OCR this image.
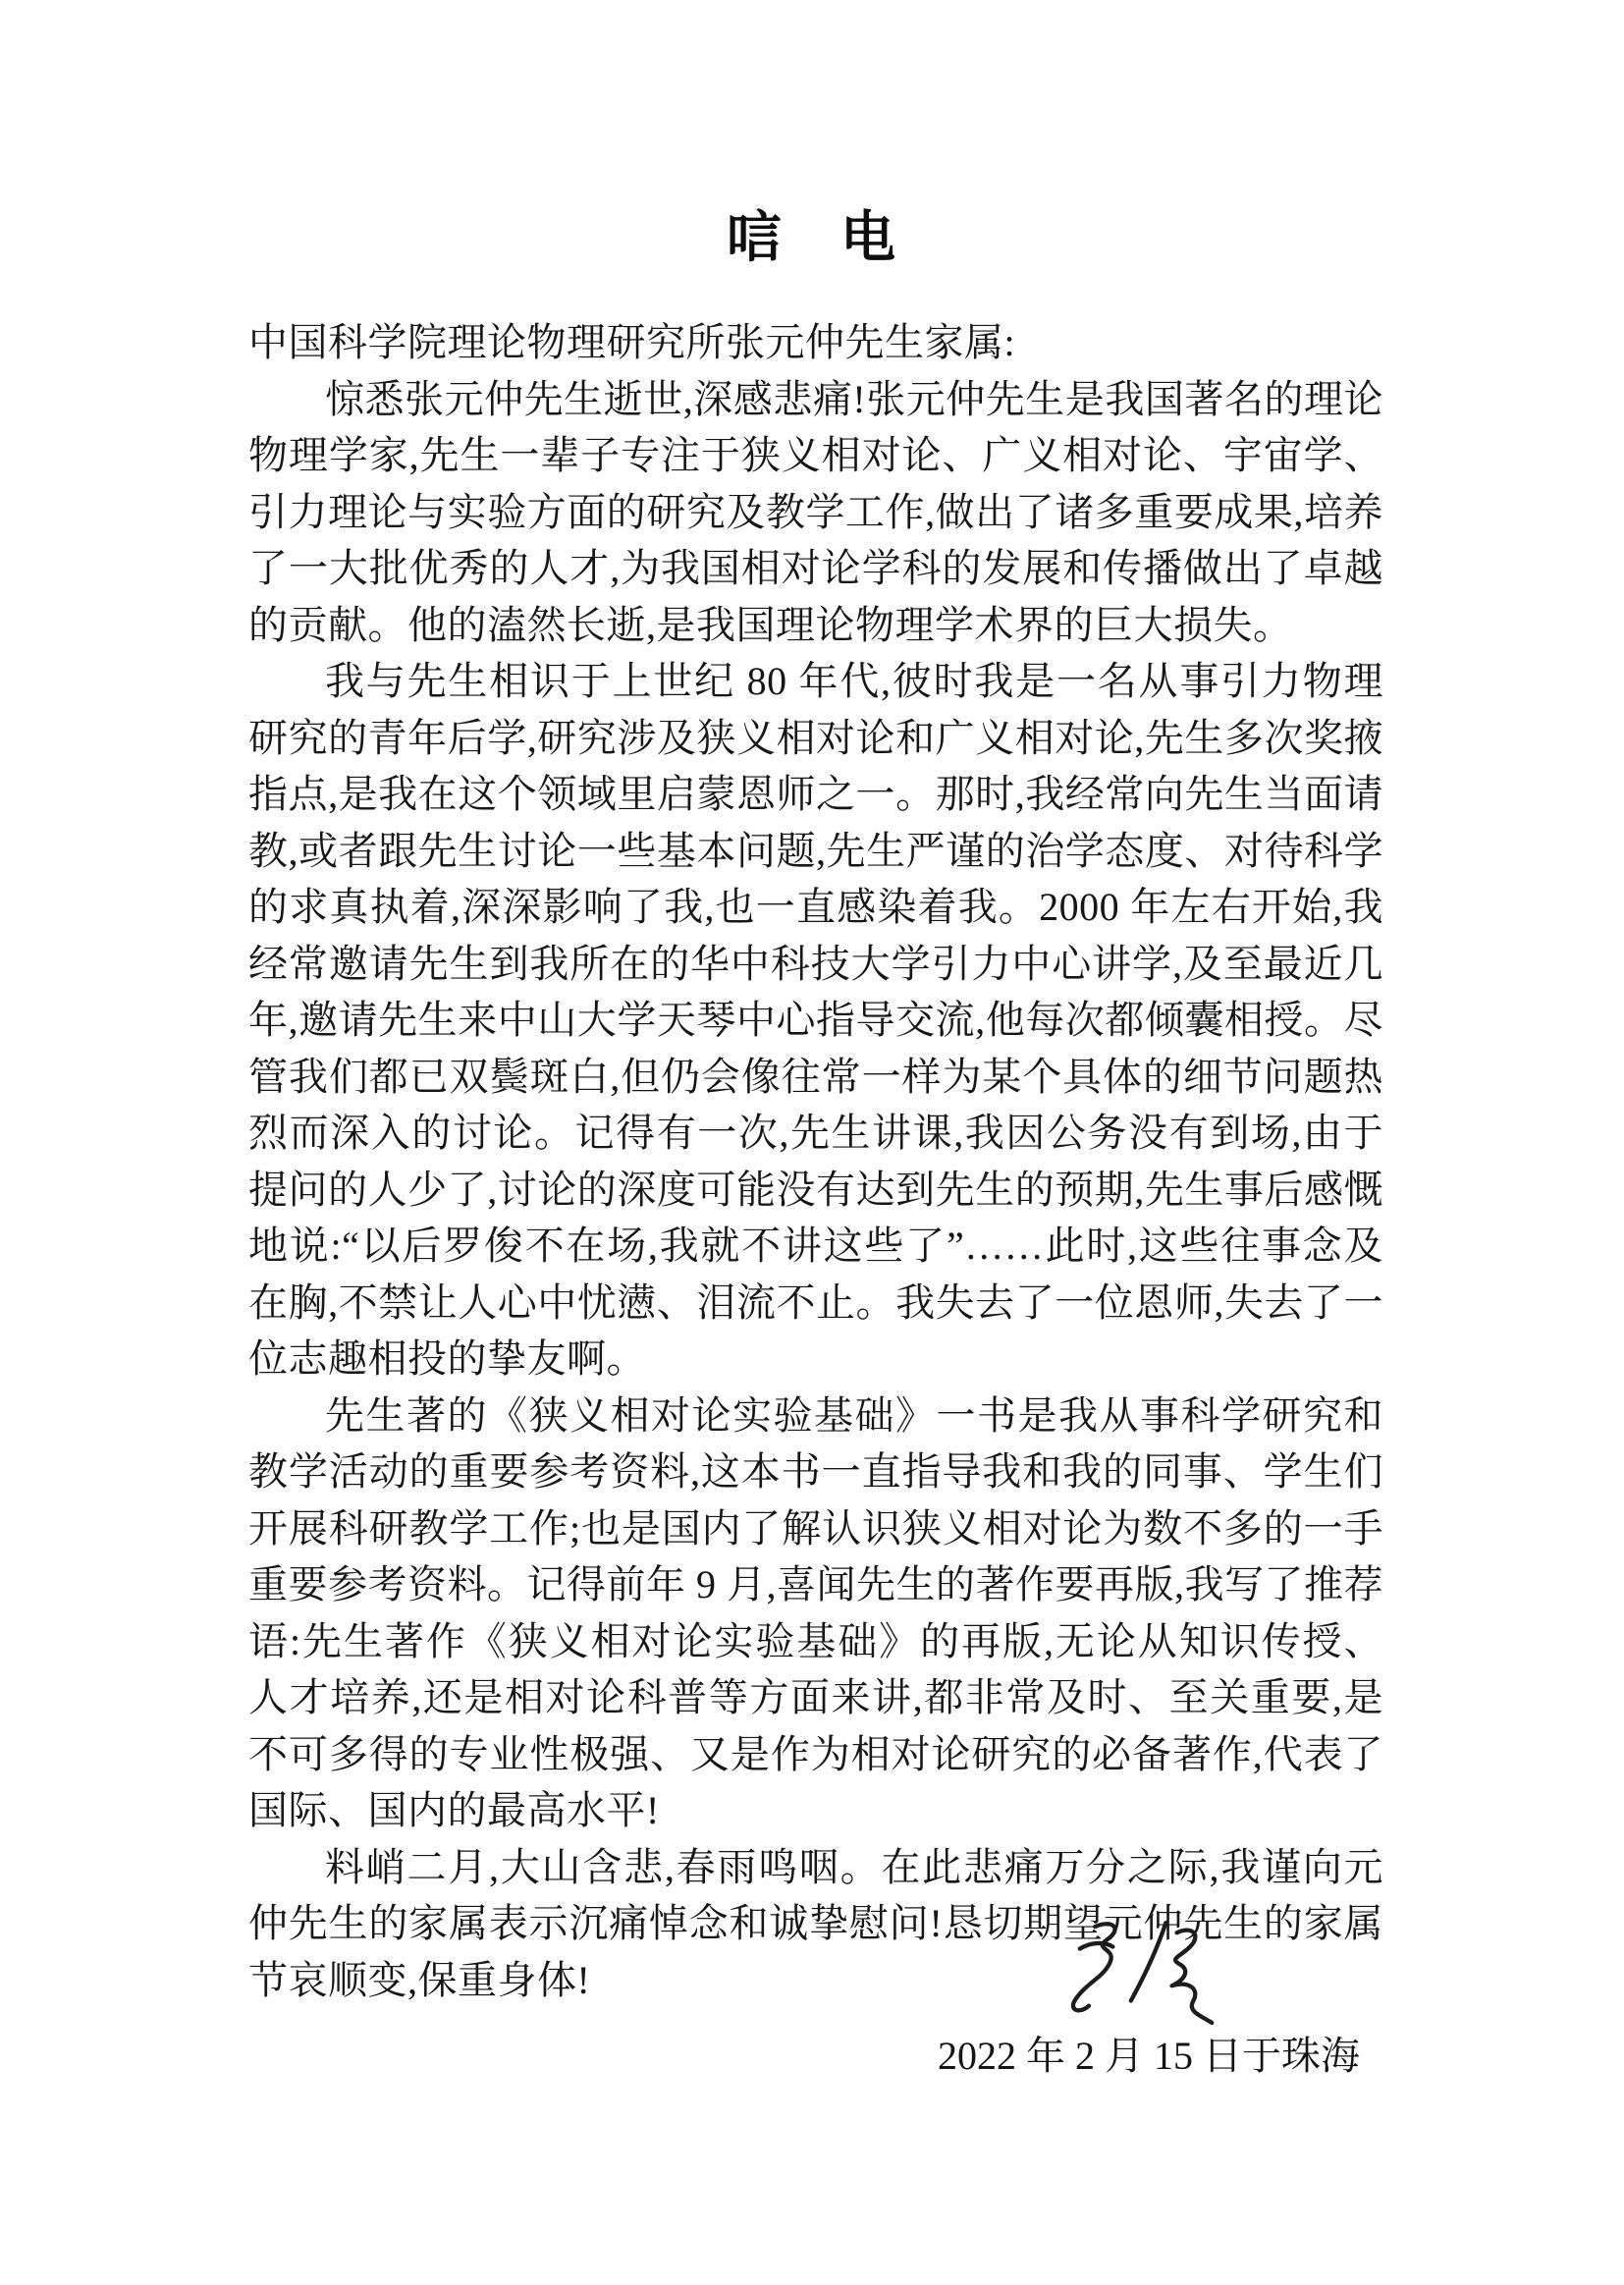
唁　电

中国科学院理论物理研究所张元仲先生家属:

惊悉张元仲先生逝世,深感悲痛!张元仲先生是我国著名的理论物理学家,先生一辈子专注于狭义相对论、广义相对论、宇宙学、引力理论与实验方面的研究及教学工作,做出了诸多重要成果,培养了一大批优秀的人才,为我国相对论学科的发展和传播做出了卓越的贡献。他的溘然长逝,是我国理论物理学术界的巨大损失。

我与先生相识于上世纪 80 年代,彼时我是一名从事引力物理研究的青年后学,研究涉及狭义相对论和广义相对论,先生多次奖掖指点,是我在这个领域里启蒙恩师之一。那时,我经常向先生当面请教,或者跟先生讨论一些基本问题,先生严谨的治学态度、对待科学的求真执着,深深影响了我,也一直感染着我。2000 年左右开始,我经常邀请先生到我所在的华中科技大学引力中心讲学,及至最近几年,邀请先生来中山大学天琴中心指导交流,他每次都倾囊相授。尽管我们都已双鬓斑白,但仍会像往常一样为某个具体的细节问题热烈而深入的讨论。记得有一次,先生讲课,我因公务没有到场,由于提问的人少了,讨论的深度可能没有达到先生的预期,先生事后感慨地说:“以后罗俊不在场,我就不讲这些了”……此时,这些往事念及在胸,不禁让人心中忧懑、泪流不止。我失去了一位恩师,失去了一位志趣相投的挚友啊。

先生著的《狭义相对论实验基础》一书是我从事科学研究和教学活动的重要参考资料,这本书一直指导我和我的同事、学生们开展科研教学工作;也是国内了解认识狭义相对论为数不多的一手重要参考资料。记得前年 9 月,喜闻先生的著作要再版,我写了推荐语:先生著作《狭义相对论实验基础》的再版,无论从知识传授、人才培养,还是相对论科普等方面来讲,都非常及时、至关重要,是不可多得的专业性极强、又是作为相对论研究的必备著作,代表了国际、国内的最高水平!

料峭二月,大山含悲,春雨鸣咽。在此悲痛万分之际,我谨向元仲先生的家属表示沉痛悼念和诚挚慰问!恳切期望元仲先生的家属节哀顺变,保重身体!

2022 年 2 月 15 日于珠海
